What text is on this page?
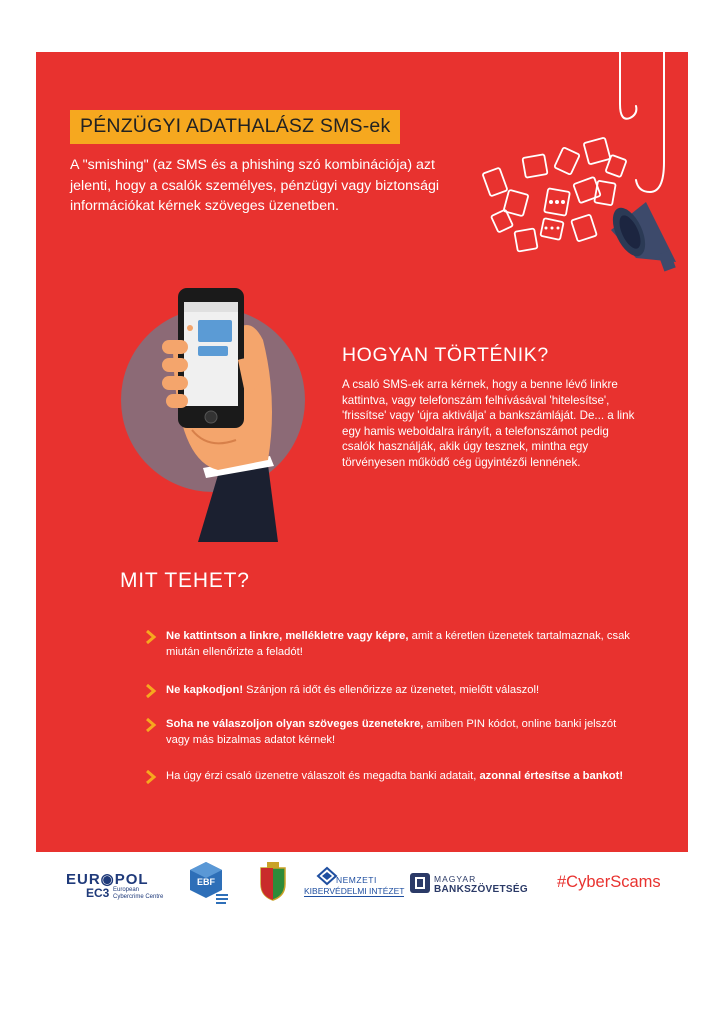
PÉNZÜGYI ADATHALÁSZ SMS-ek
A "smishing" (az SMS és a phishing szó kombinációja) azt jelenti, hogy a csalók személyes, pénzügyi vagy biztonsági információkat kérnek szöveges üzenetben.
HOGYAN TÖRTÉNIK?
A csaló SMS-ek arra kérnek, hogy a benne lévő linkre kattintva, vagy telefonszám felhívásával 'hitelesítse', 'frissítse' vagy 'újra aktiválja' a bankszámláját. De... a link egy hamis weboldalra irányít, a telefonszámot pedig csalók használják, akik úgy tesznek, mintha egy törvényesen működő cég ügyintézői lennének.
MIT TEHET?
Ne kattintson a linkre, mellékletre vagy képre, amit a kéretlen üzenetek tartalmaznak, csak miután ellenőrizte a feladót!
Ne kapkodjon! Szánjon rá időt és ellenőrizze az üzenetet, mielőtt válaszol!
Soha ne válaszoljon olyan szöveges üzenetekre, amiben PIN kódot, online banki jelszót vagy más bizalmas adatot kérnek!
Ha úgy érzi csaló üzenetre válaszolt és megadta banki adatait, azonnal értesítse a bankot!
EUR◉POL
EC3 European Cybercrime Centre
EBF	NEMZETI
KIBERVÉDELMI INTÉZET
MAGYAR
BANKSZÖVETSÉG #CyberScams
